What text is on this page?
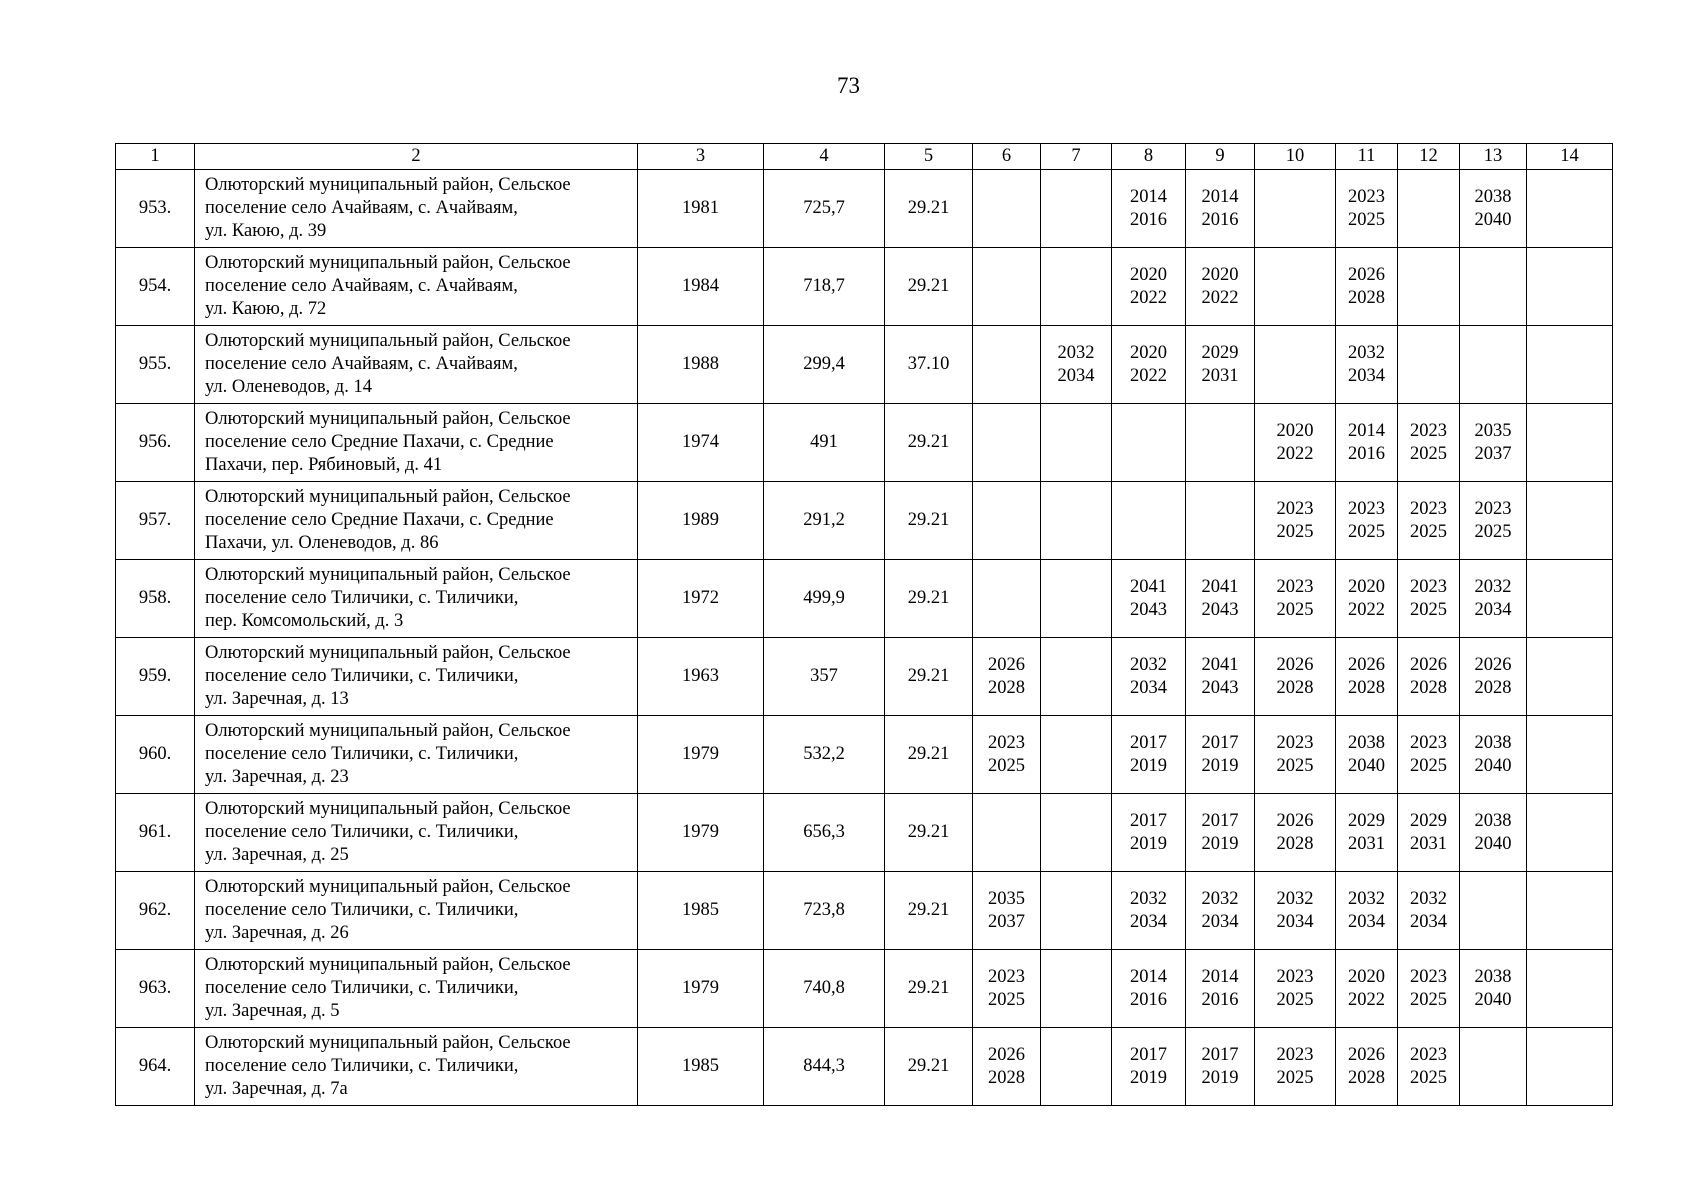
73
1	2	3	4	5	6	7	8	9	10	11	12	13	14
953.	Олюторский муниципальный район, Сельское
поселение село Ачайваям, с. Ачайваям,
ул. Каюю, д. 39	1981	725,7	29.21			2014
2016	2014
2016		2023
2025		2038
2040	

954.	Олюторский муниципальный район, Сельское
поселение село Ачайваям, с. Ачайваям,
ул. Каюю, д. 72	1984	718,7	29.21			2020
2022	2020
2022		2026
2028			

955.	Олюторский муниципальный район, Сельское
поселение село Ачайваям, с. Ачайваям,
ул. Оленеводов, д. 14	1988	299,4	37.10		2032
2034	2020
2022	2029
2031		2032
2034			

956.	Олюторский муниципальный район, Сельское
поселение село Средние Пахачи, с. Средние
Пахачи, пер. Рябиновый, д. 41	1974	491	29.21					2020
2022	2014
2016	2023
2025	2035
2037	

957.	Олюторский муниципальный район, Сельское
поселение село Средние Пахачи, с. Средние
Пахачи, ул. Оленеводов, д. 86	1989	291,2	29.21					2023
2025	2023
2025	2023
2025	2023
2025	

958.	Олюторский муниципальный район, Сельское
поселение село Тиличики, с. Тиличики,
пер. Комсомольский, д. 3	1972	499,9	29.21			2041
2043	2041
2043	2023
2025	2020
2022	2023
2025	2032
2034	

959.	Олюторский муниципальный район, Сельское
поселение село Тиличики, с. Тиличики,
ул. Заречная, д. 13	1963	357	29.21	2026
2028		2032
2034	2041
2043	2026
2028	2026
2028	2026
2028	2026
2028	

960.	Олюторский муниципальный район, Сельское
поселение село Тиличики, с. Тиличики,
ул. Заречная, д. 23	1979	532,2	29.21	2023
2025		2017
2019	2017
2019	2023
2025	2038
2040	2023
2025	2038
2040	

961.	Олюторский муниципальный район, Сельское
поселение село Тиличики, с. Тиличики,
ул. Заречная, д. 25	1979	656,3	29.21			2017
2019	2017
2019	2026
2028	2029
2031	2029
2031	2038
2040	

962.	Олюторский муниципальный район, Сельское
поселение село Тиличики, с. Тиличики,
ул. Заречная, д. 26	1985	723,8	29.21	2035
2037		2032
2034	2032
2034	2032
2034	2032
2034	2032
2034		

963.	Олюторский муниципальный район, Сельское
поселение село Тиличики, с. Тиличики,
ул. Заречная, д. 5	1979	740,8	29.21	2023
2025		2014
2016	2014
2016	2023
2025	2020
2022	2023
2025	2038
2040	

964.	Олюторский муниципальный район, Сельское
поселение село Тиличики, с. Тиличики,
ул. Заречная, д. 7а	1985	844,3	29.21	2026
2028		2017
2019	2017
2019	2023
2025	2026
2028	2023
2025		
